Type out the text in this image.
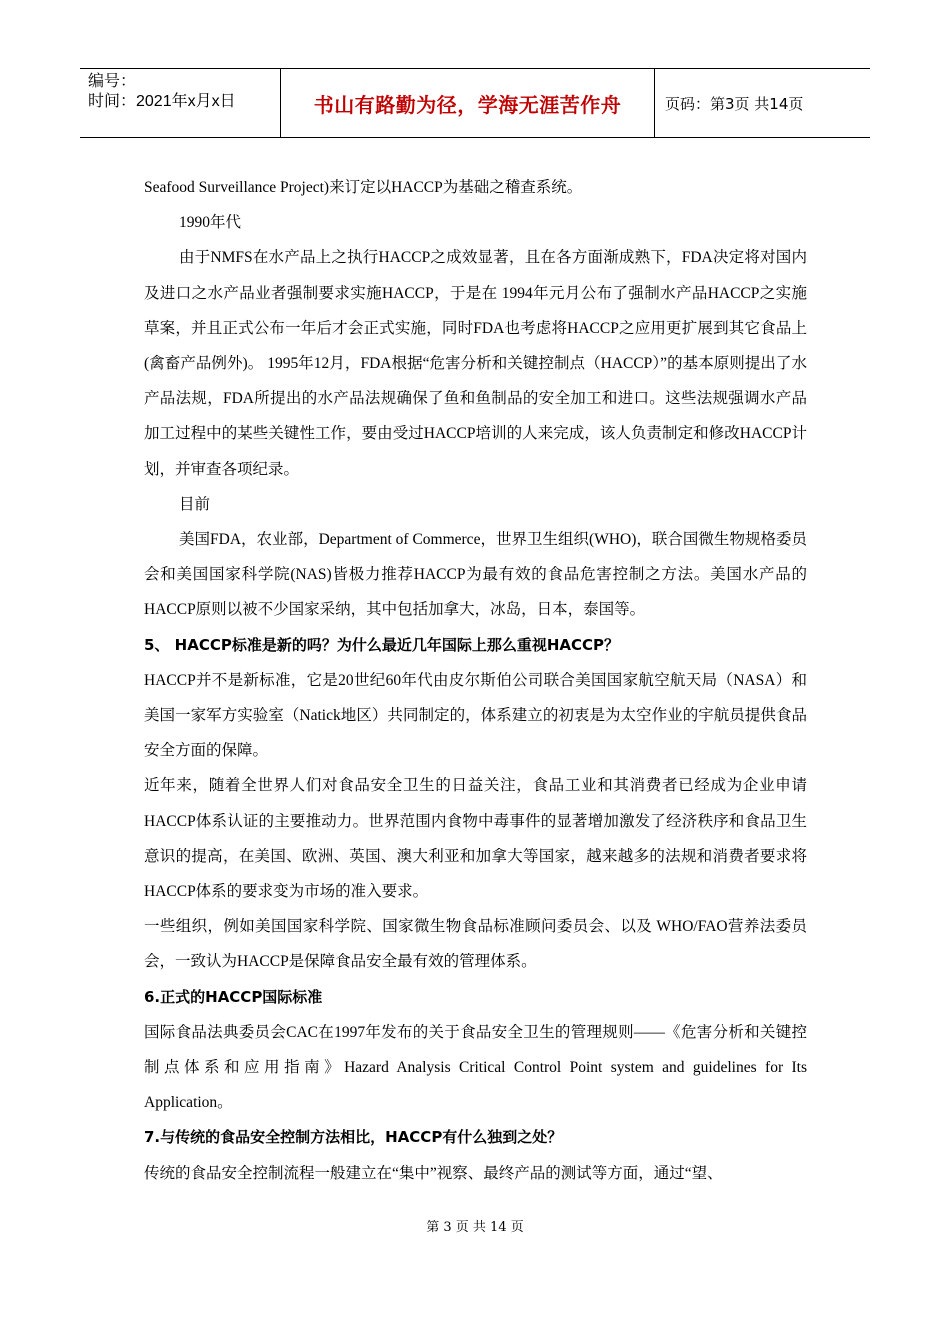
编号：
时间：2021年x月x日	书山有路勤为径，学海无涯苦作舟	页码：第3页 共14页

Seafood Surveillance Project)来订定以HACCP为基础之稽查系统。

1990年代

由于NMFS在水产品上之执行HACCP之成效显著，且在各方面渐成熟下，FDA决定将对国内及进口之水产品业者强制要求实施HACCP，于是在 1994年元月公布了强制水产品HACCP之实施草案，并且正式公布一年后才会正式实施，同时FDA也考虑将HACCP之应用更扩展到其它食品上(禽畜产品例外)。 1995年12月，FDA根据“危害分析和关键控制点（HACCP）”的基本原则提出了水产品法规，FDA所提出的水产品法规确保了鱼和鱼制品的安全加工和进口。这些法规强调水产品加工过程中的某些关键性工作，要由受过HACCP培训的人来完成，该人负责制定和修改HACCP计划，并审查各项纪录。

目前

美国FDA，农业部，Department of Commerce，世界卫生组织(WHO)，联合国微生物规格委员会和美国国家科学院(NAS)皆极力推荐HACCP为最有效的食品危害控制之方法。美国水产品的HACCP原则以被不少国家采纳，其中包括加拿大，冰岛，日本，泰国等。

5、 HACCP标准是新的吗？为什么最近几年国际上那么重视HACCP？

HACCP并不是新标准，它是20世纪60年代由皮尔斯伯公司联合美国国家航空航天局（NASA）和美国一家军方实验室（Natick地区）共同制定的，体系建立的初衷是为太空作业的宇航员提供食品安全方面的保障。

近年来，随着全世界人们对食品安全卫生的日益关注，食品工业和其消费者已经成为企业申请HACCP体系认证的主要推动力。世界范围内食物中毒事件的显著增加激发了经济秩序和食品卫生意识的提高，在美国、欧洲、英国、澳大利亚和加拿大等国家，越来越多的法规和消费者要求将HACCP体系的要求变为市场的准入要求。

一些组织，例如美国国家科学院、国家微生物食品标准顾问委员会、以及 WHO/FAO营养法委员会，一致认为HACCP是保障食品安全最有效的管理体系。

6.正式的HACCP国际标准

国际食品法典委员会CAC在1997年发布的关于食品安全卫生的管理规则——《危害分析和关键控制点体系和应用指南》Hazard Analysis Critical Control Point system and guidelines for Its Application。

7.与传统的食品安全控制方法相比，HACCP有什么独到之处？

传统的食品安全控制流程一般建立在“集中”视察、最终产品的测试等方面，通过“望、

第 3 页 共 14 页
